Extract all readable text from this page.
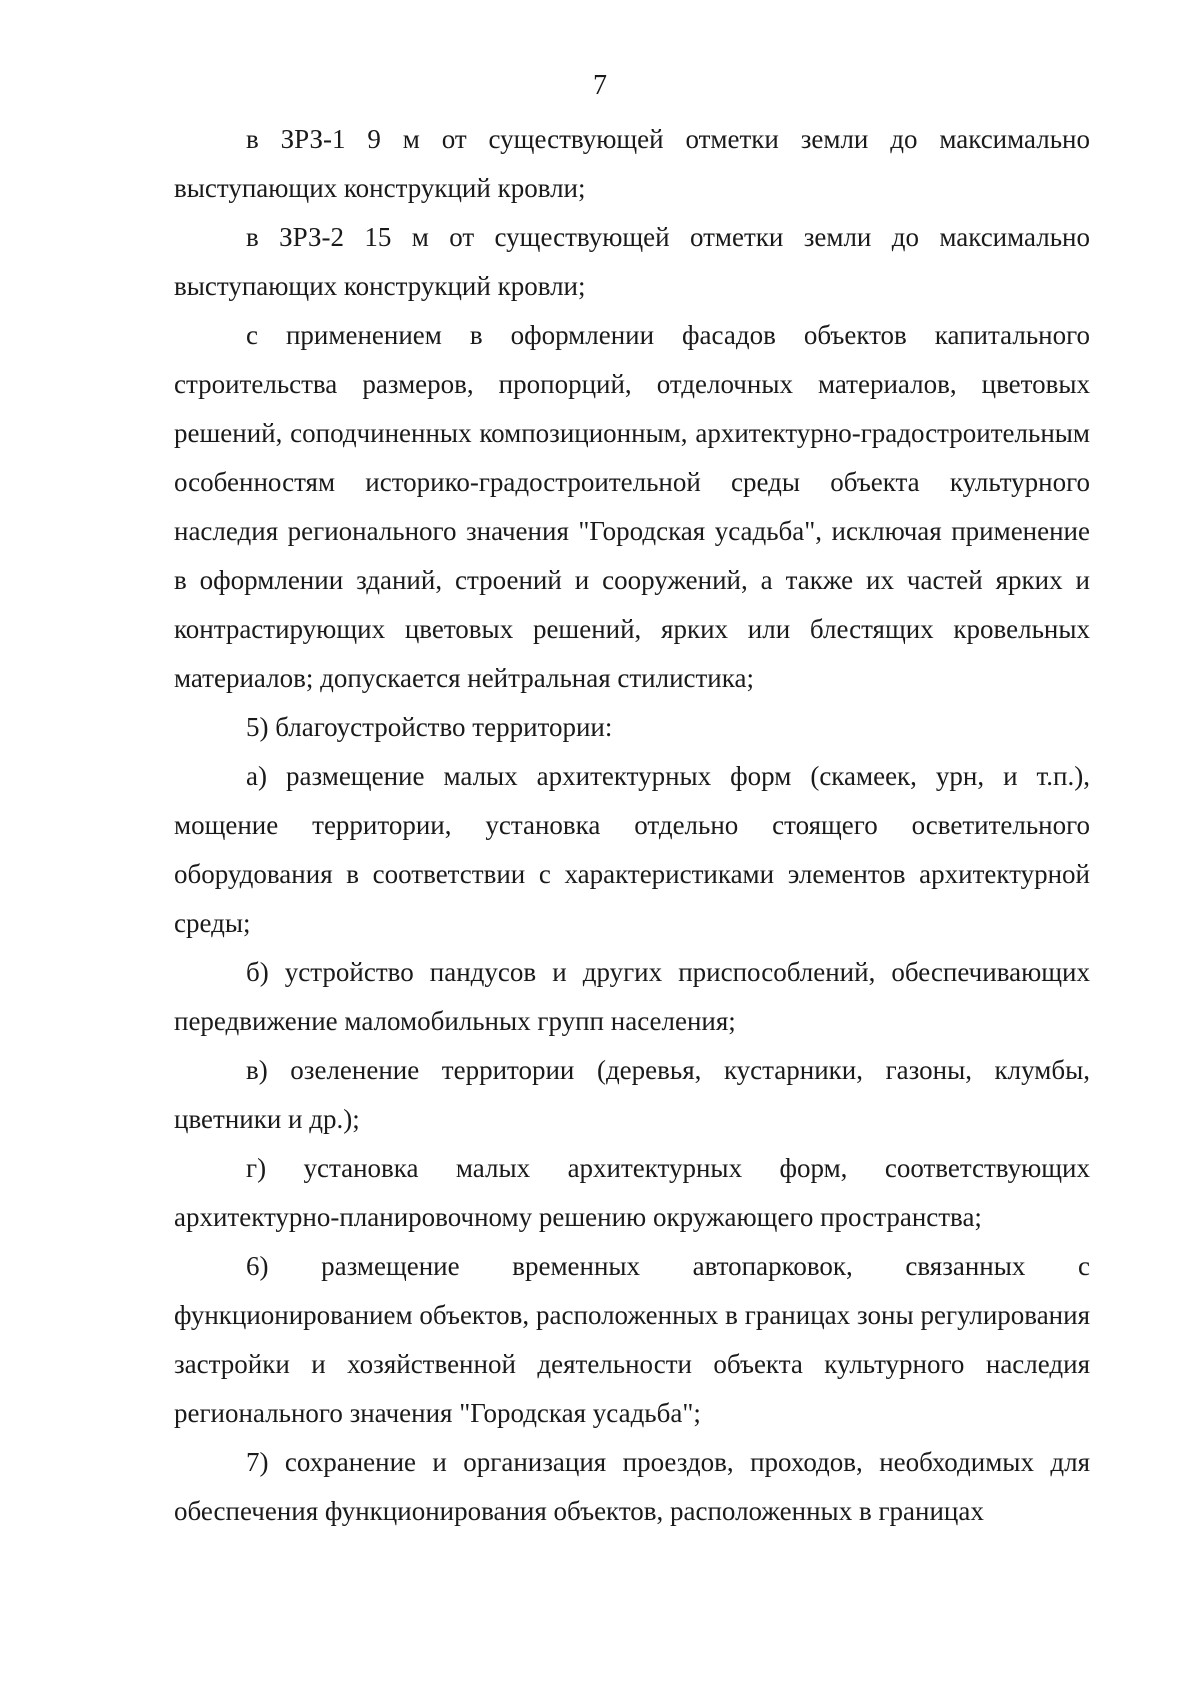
7

в ЗРЗ-1 9 м от существующей отметки земли до максимально выступающих конструкций кровли;

в ЗРЗ-2 15 м от существующей отметки земли до максимально выступающих конструкций кровли;

с применением в оформлении фасадов объектов капитального строительства размеров, пропорций, отделочных материалов, цветовых решений, соподчиненных композиционным, архитектурно-градостроительным особенностям историко-градостроительной среды объекта культурного наследия регионального значения "Городская усадьба", исключая применение в оформлении зданий, строений и сооружений, а также их частей ярких и контрастирующих цветовых решений, ярких или блестящих кровельных материалов; допускается нейтральная стилистика;

5) благоустройство территории:

а) размещение малых архитектурных форм (скамеек, урн, и т.п.), мощение территории, установка отдельно стоящего осветительного оборудования в соответствии с характеристиками элементов архитектурной среды;

б) устройство пандусов и других приспособлений, обеспечивающих передвижение маломобильных групп населения;

в) озеленение территории (деревья, кустарники, газоны, клумбы, цветники и др.);

г) установка малых архитектурных форм, соответствующих архитектурно-планировочному решению окружающего пространства;

6) размещение временных автопарковок, связанных с функционированием объектов, расположенных в границах зоны регулирования застройки и хозяйственной деятельности объекта культурного наследия регионального значения "Городская усадьба";

7) сохранение и организация проездов, проходов, необходимых для обеспечения функционирования объектов, расположенных в границах
